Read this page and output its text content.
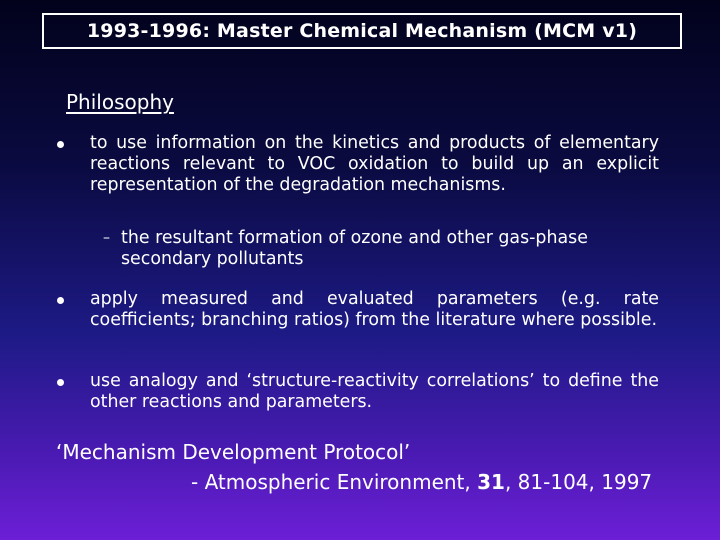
1993-1996: Master Chemical Mechanism (MCM v1)
Philosophy
to use information on the kinetics and products of elementary reactions relevant to VOC oxidation to build up an explicit representation of the degradation mechanisms.
– the resultant formation of ozone and other gas-phase secondary pollutants
apply measured and evaluated parameters (e.g. rate coefficients; branching ratios) from the literature where possible.
use analogy and ‘structure-reactivity correlations’ to define the other reactions and parameters.
‘Mechanism Development Protocol’
- Atmospheric Environment, 31, 81-104, 1997
